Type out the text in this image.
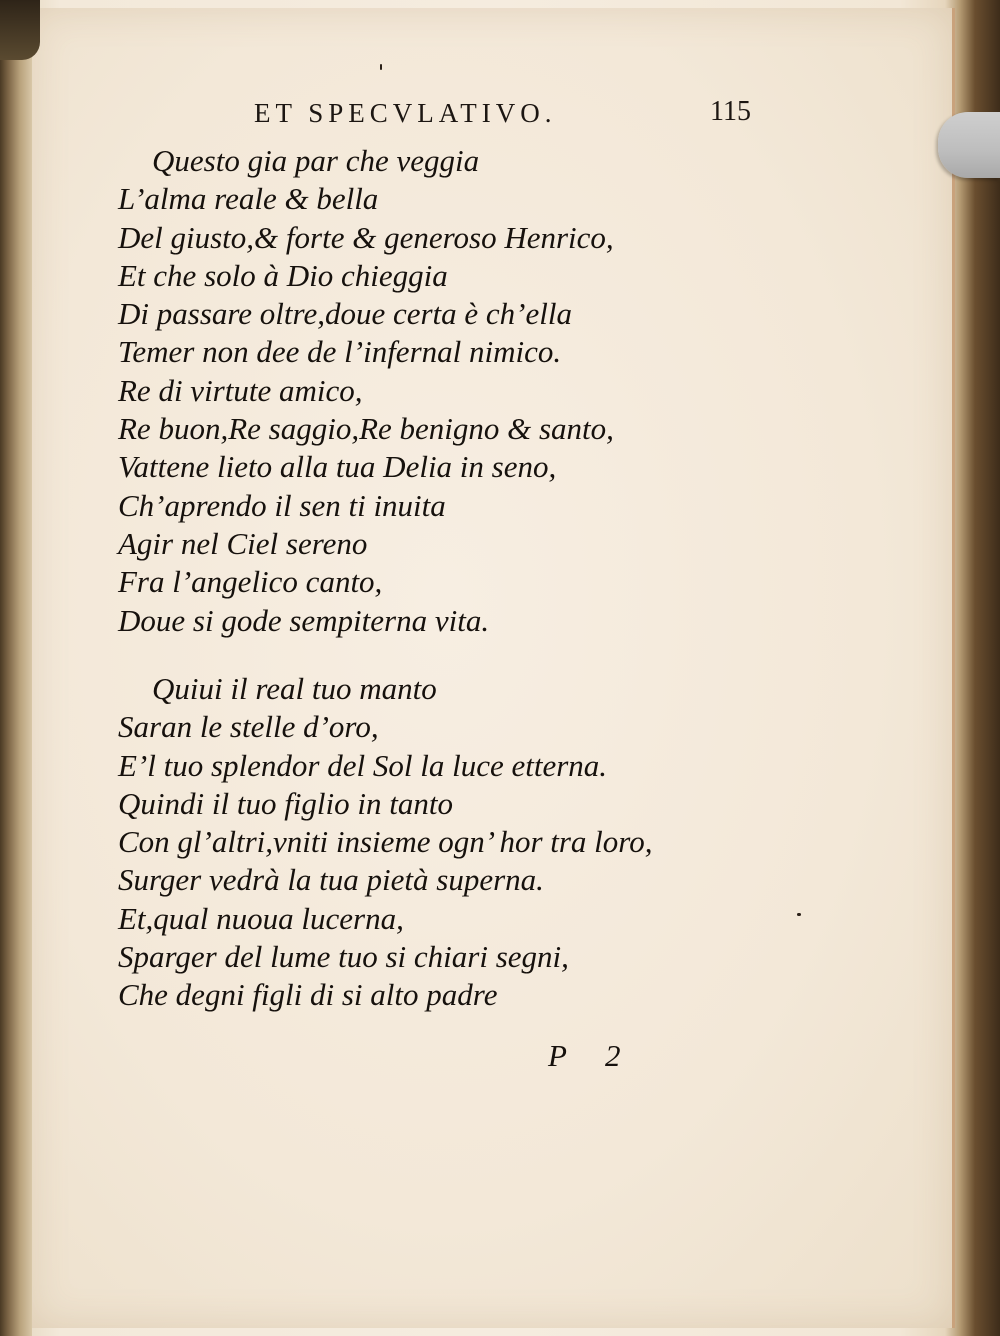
ET SPECVLATIVO.	115
Questo gia par che veggia
L’alma reale & bella
Del giusto,& forte & generoso Henrico,
Et che solo à Dio chieggia
Di passare oltre,doue certa è ch’ella
Temer non dee de l’infernal nimico.
Re di virtute amico,
Re buon,Re saggio,Re benigno & santo,
Vattene lieto alla tua Delia in seno,
Ch’aprendo il sen ti inuita
Agir nel Ciel sereno
Fra l’angelico canto,
Doue si gode sempiterna vita.
Quiui il real tuo manto
Saran le stelle d’oro,
E’l tuo splendor del Sol la luce etterna.
Quindi il tuo figlio in tanto
Con gl’altri,vniti insieme ogn’ hor tra loro,
Surger vedrà la tua pietà superna.
Et,qual nuoua lucerna,
Sparger del lume tuo si chiari segni,
Che degni figli di si alto padre
P 2
